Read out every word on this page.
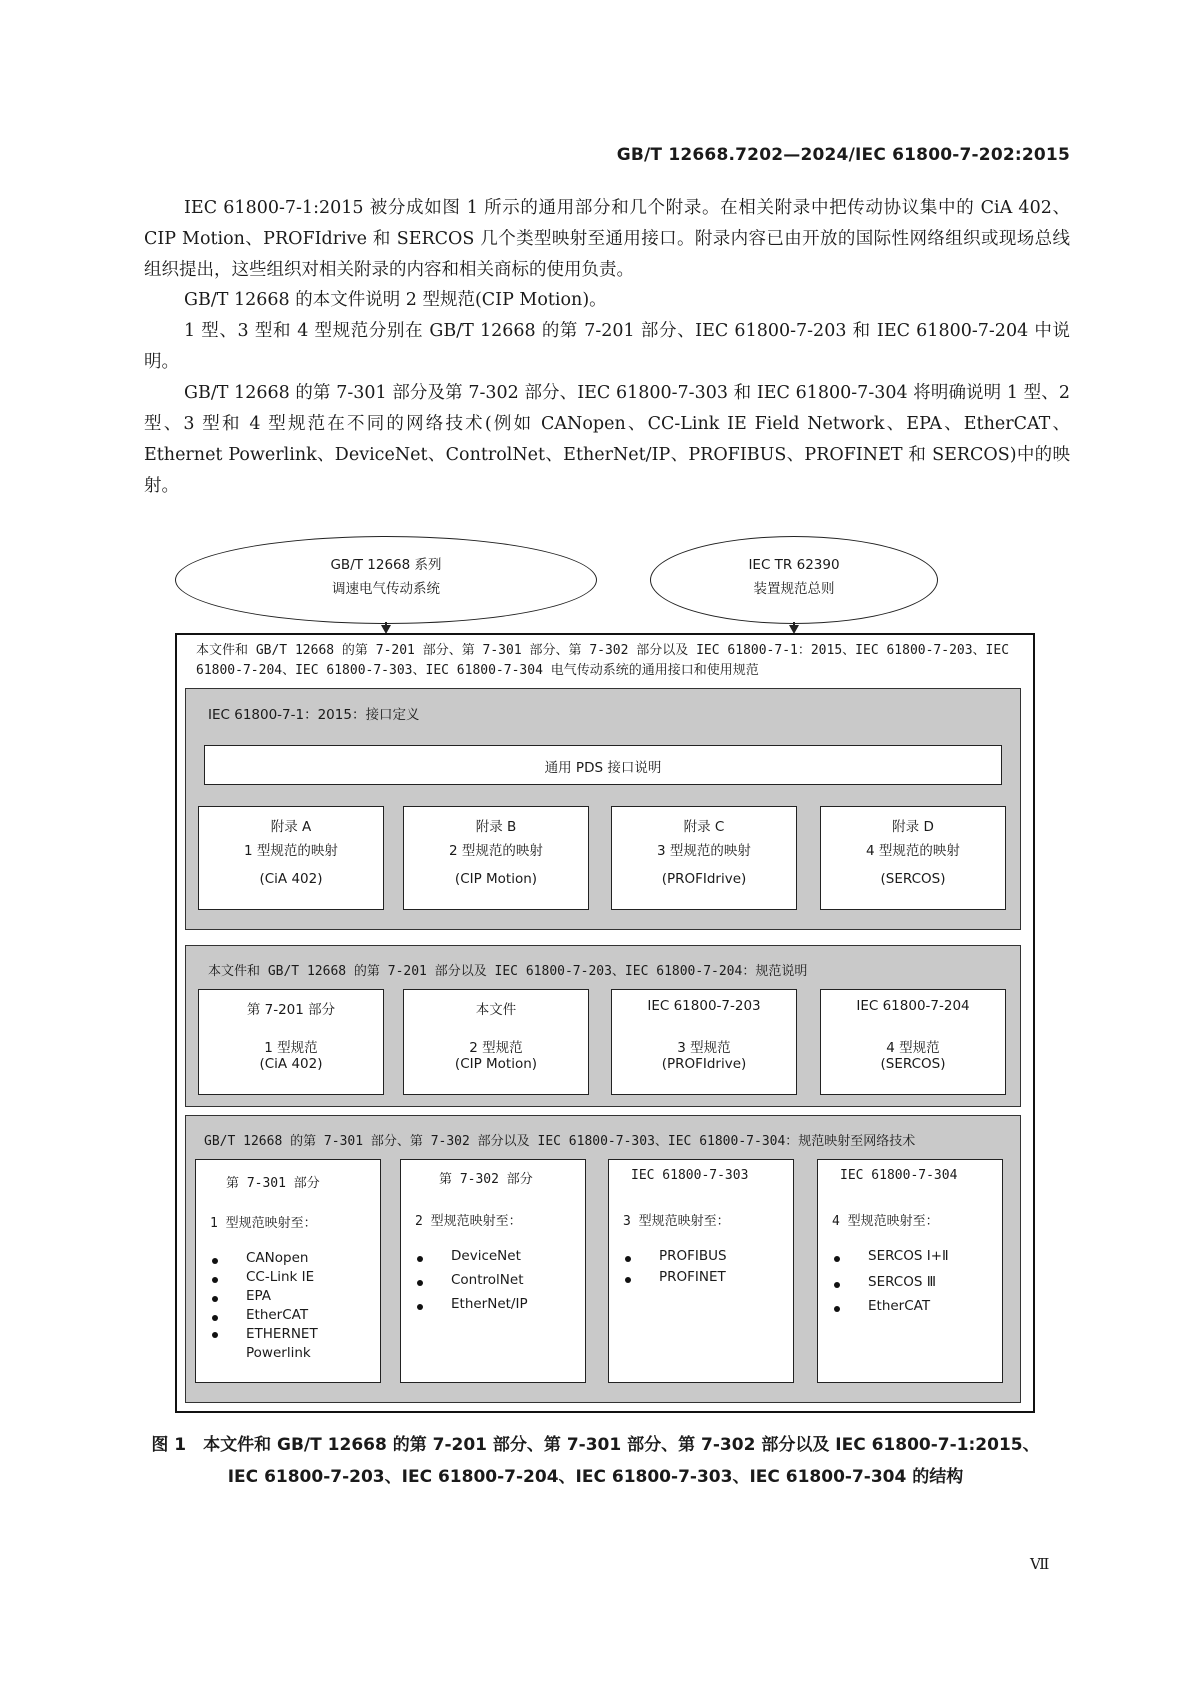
GB/T 12668.7202—2024/IEC 61800-7-202:2015
IEC 61800-7-1:2015 被分成如图 1 所示的通用部分和几个附录。在相关附录中把传动协议集中的 CiA 402、CIP Motion、PROFIdrive 和 SERCOS 几个类型映射至通用接口。附录内容已由开放的国际性网络组织或现场总线组织提出，这些组织对相关附录的内容和相关商标的使用负责。
GB/T 12668 的本文件说明 2 型规范(CIP Motion)。
1 型、3 型和 4 型规范分别在 GB/T 12668 的第 7-201 部分、IEC 61800-7-203 和 IEC 61800-7-204 中说明。
GB/T 12668 的第 7-301 部分及第 7-302 部分、IEC 61800-7-303 和 IEC 61800-7-304 将明确说明 1 型、2 型、3 型和 4 型规范在不同的网络技术(例如 CANopen、CC-Link IE Field Network、EPA、EtherCAT、Ethernet Powerlink、DeviceNet、ControlNet、EtherNet/IP、PROFIBUS、PROFINET 和 SERCOS)中的映射。
GB/T 12668 系列
调速电气传动系统
IEC TR 62390
装置规范总则
本文件和 GB/T 12668 的第 7-201 部分、第 7-301 部分、第 7-302 部分以及 IEC 61800-7-1：2015、IEC 61800-7-203、IEC 61800-7-204、IEC 61800-7-303、IEC 61800-7-304 电气传动系统的通用接口和使用规范
IEC 61800-7-1：2015：接口定义
通用 PDS 接口说明
附录 A
1 型规范的映射
(CiA 402)
附录 B
2 型规范的映射
(CIP Motion)
附录 C
3 型规范的映射
(PROFIdrive)
附录 D
4 型规范的映射
(SERCOS)
本文件和 GB/T 12668 的第 7-201 部分以及 IEC 61800-7-203、IEC 61800-7-204：规范说明
第 7-201 部分
1 型规范
(CiA 402)
本文件
2 型规范
(CIP Motion)
IEC 61800-7-203
3 型规范
(PROFIdrive)
IEC 61800-7-204
4 型规范
(SERCOS)
GB/T 12668 的第 7-301 部分、第 7-302 部分以及 IEC 61800-7-303、IEC 61800-7-304：规范映射至网络技术
第 7-301 部分
1 型规范映射至：
CANopen
CC-Link IE
EPA
EtherCAT
ETHERNET
Powerlink
第 7-302 部分
2 型规范映射至：
DeviceNet
ControlNet
EtherNet/IP
IEC 61800-7-303
3 型规范映射至：
PROFIBUS
PROFINET
IEC 61800-7-304
4 型规范映射至：
SERCOS Ⅰ+Ⅱ
SERCOS Ⅲ
EtherCAT
图 1　本文件和 GB/T 12668 的第 7-201 部分、第 7-301 部分、第 7-302 部分以及 IEC 61800-7-1:2015、
IEC 61800-7-203、IEC 61800-7-204、IEC 61800-7-303、IEC 61800-7-304 的结构
Ⅶ
